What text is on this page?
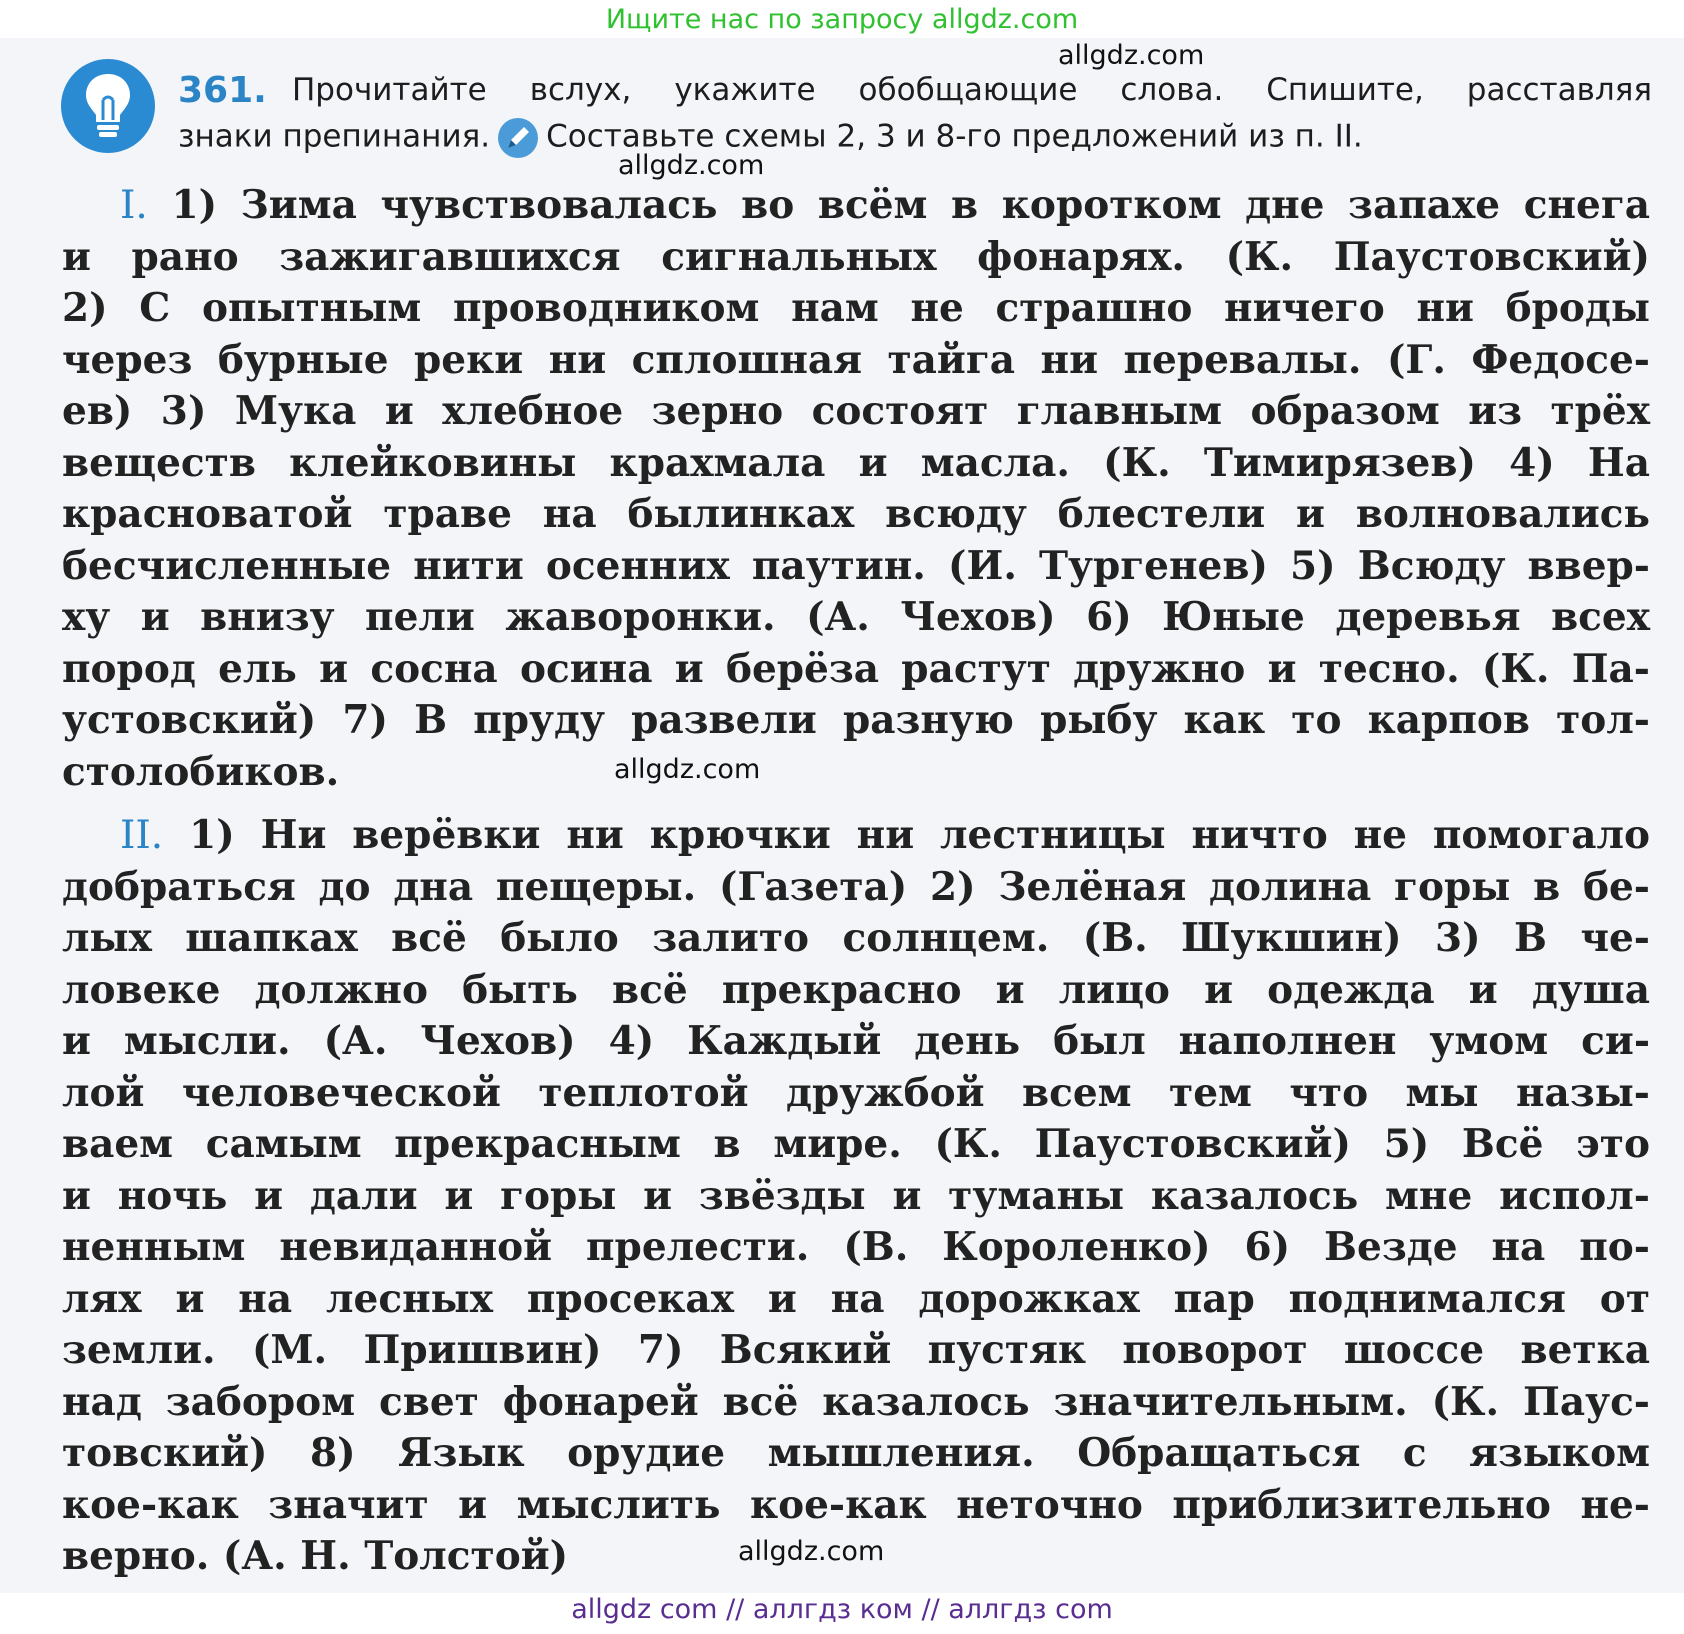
Ищите нас по запросу allgdz.com
allgdz.com
allgdz.com
allgdz.com
allgdz.com
361. Прочитайте вслух, укажите обобщающие слова. Спишите, расставляя
знаки препинания. Составьте схемы 2, 3 и 8-го предложений из п. II.
I. 1) Зима чувствовалась во всём в коротком дне запахе снега
и рано зажигавшихся сигнальных фонарях. (К. Паустовский)
2) С опытным проводником нам не страшно ничего ни броды
через бурные реки ни сплошная тайга ни перевалы. (Г. Федосе-
ев) 3) Мука и хлебное зерно состоят главным образом из трёх
веществ клейковины крахмала и масла. (К. Тимирязев) 4) На
красноватой траве на былинках всюду блестели и волновались
бесчисленные нити осенних паутин. (И. Тургенев) 5) Всюду ввер-
ху и внизу пели жаворонки. (А. Чехов) 6) Юные деревья всех
пород ель и сосна осина и берёза растут дружно и тесно. (К. Па-
устовский) 7) В пруду развели разную рыбу как то карпов тол-
столобиков.
II. 1) Ни верёвки ни крючки ни лестницы ничто не помогало
добраться до дна пещеры. (Газета) 2) Зелёная долина горы в бе-
лых шапках всё было залито солнцем. (В. Шукшин) 3) В че-
ловеке должно быть всё прекрасно и лицо и одежда и душа
и мысли. (А. Чехов) 4) Каждый день был наполнен умом си-
лой человеческой теплотой дружбой всем тем что мы назы-
ваем самым прекрасным в мире. (К. Паустовский) 5) Всё это
и ночь и дали и горы и звёзды и туманы казалось мне испол-
ненным невиданной прелести. (В. Короленко) 6) Везде на по-
лях и на лесных просеках и на дорожках пар поднимался от
земли. (М. Пришвин) 7) Всякий пустяк поворот шоссе ветка
над забором свет фонарей всё казалось значительным. (К. Паус-
товский) 8) Язык орудие мышления. Обращаться с языком
кое-как значит и мыслить кое-как неточно приблизительно не-
верно. (А. Н. Толстой)
allgdz com // аллгдз ком // аллгдз com
